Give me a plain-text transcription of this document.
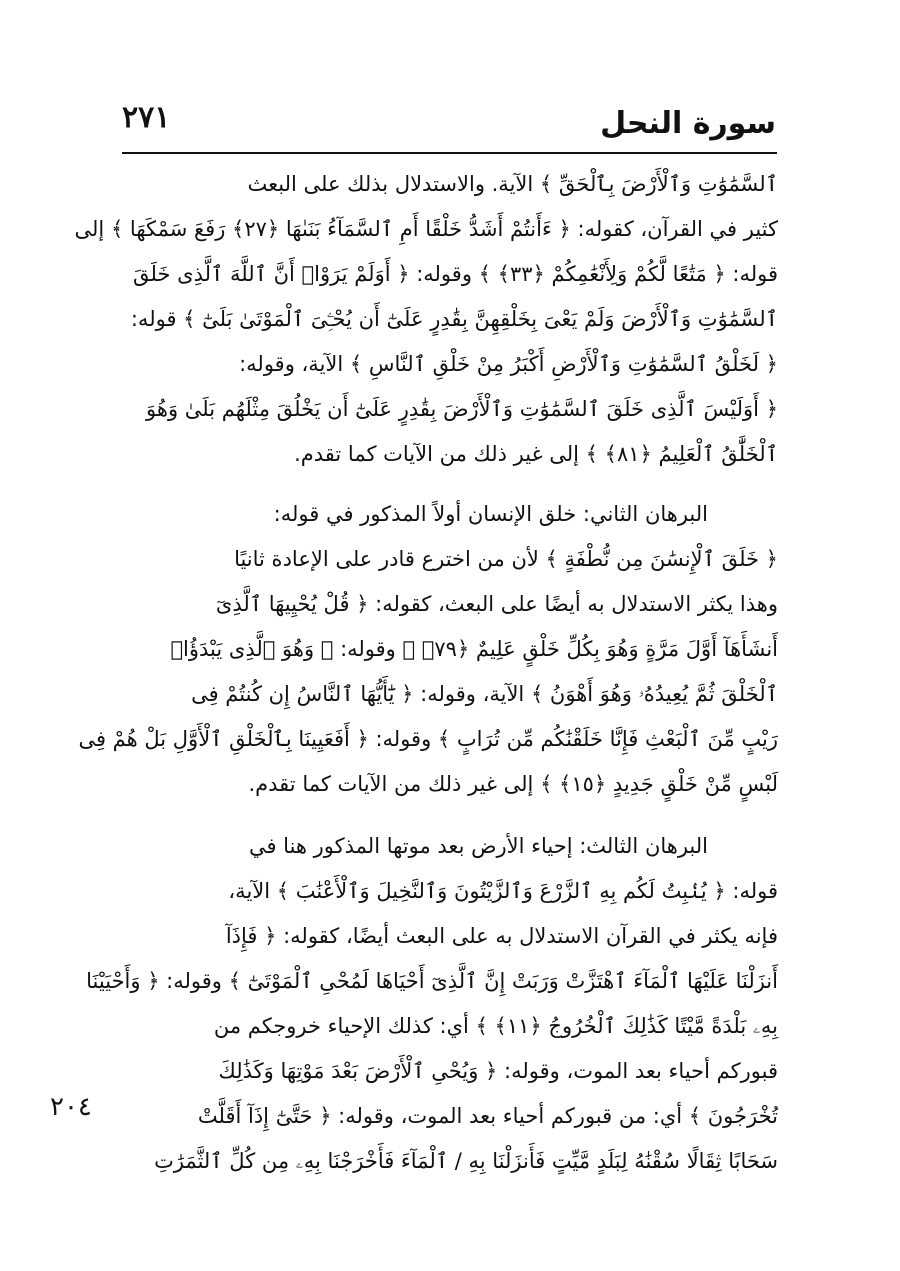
٢٧١	سورة النحل
ٱلسَّمَٰوَٰتِ وَٱلْأَرْضَ بِٱلْحَقِّ ﴾ الآية. والاستدلال بذلك على البعث
كثير في القرآن، كقوله: ﴿ ءَأَنتُمْ أَشَدُّ خَلْقًا أَمِ ٱلسَّمَآءُ بَنَىٰهَا ﴿٢٧﴾ رَفَعَ سَمْكَهَا ﴾ إلى
قوله: ﴿ مَتَٰعًا لَّكُمْ وَلِأَنْعَٰمِكُمْ ﴿٣٣﴾ ﴾ وقوله: ﴿ أَوَلَمْ يَرَوْا۟ أَنَّ ٱللَّهَ ٱلَّذِى خَلَقَ
ٱلسَّمَٰوَٰتِ وَٱلْأَرْضَ وَلَمْ يَعْىَ بِخَلْقِهِنَّ بِقَٰدِرٍ عَلَىٰٓ أَن يُحْـِۧىَ ٱلْمَوْتَىٰ بَلَىٰٓ ﴾ قوله:
﴿ لَخَلْقُ ٱلسَّمَٰوَٰتِ وَٱلْأَرْضِ أَكْبَرُ مِنْ خَلْقِ ٱلنَّاسِ ﴾ الآية، وقوله:
﴿ أَوَلَيْسَ ٱلَّذِى خَلَقَ ٱلسَّمَٰوَٰتِ وَٱلْأَرْضَ بِقَٰدِرٍ عَلَىٰٓ أَن يَخْلُقَ مِثْلَهُم بَلَىٰ وَهُوَ
ٱلْخَلَّٰقُ ٱلْعَلِيمُ ﴿٨١﴾ ﴾ إلى غير ذلك من الآيات كما تقدم.
البرهان الثاني: خلق الإنسان أولاً المذكور في قوله:
﴿ خَلَقَ ٱلْإِنسَٰنَ مِن نُّطْفَةٍ ﴾ لأن من اخترع قادر على الإعادة ثانيًا
وهذا يكثر الاستدلال به أيضًا على البعث، كقوله: ﴿ قُلْ يُحْيِيهَا ٱلَّذِىٓ
أَنشَأَهَآ أَوَّلَ مَرَّةٍ وَهُوَ بِكُلِّ خَلْقٍ عَلِيمٌ ﴿٧٩﴾ ﴾ وقوله: ﴿ وَهُوَ ٱلَّذِى يَبْدَؤُا۟
ٱلْخَلْقَ ثُمَّ يُعِيدُهُۥ وَهُوَ أَهْوَنُ ﴾ الآية، وقوله: ﴿ يَٰٓأَيُّهَا ٱلنَّاسُ إِن كُنتُمْ فِى
رَيْبٍ مِّنَ ٱلْبَعْثِ فَإِنَّا خَلَقْنَٰكُم مِّن تُرَابٍ ﴾ وقوله: ﴿ أَفَعَيِينَا بِٱلْخَلْقِ ٱلْأَوَّلِ بَلْ هُمْ فِى
لَبْسٍ مِّنْ خَلْقٍ جَدِيدٍ ﴿١٥﴾ ﴾ إلى غير ذلك من الآيات كما تقدم.
البرهان الثالث: إحياء الأرض بعد موتها المذكور هنا في
قوله: ﴿ يُنۢبِتُ لَكُم بِهِ ٱلزَّرْعَ وَٱلزَّيْتُونَ وَٱلنَّخِيلَ وَٱلْأَعْنَٰبَ ﴾ الآية،
فإنه يكثر في القرآن الاستدلال به على البعث أيضًا، كقوله: ﴿ فَإِذَآ
أَنزَلْنَا عَلَيْهَا ٱلْمَآءَ ٱهْتَزَّتْ وَرَبَتْ إِنَّ ٱلَّذِىٓ أَحْيَاهَا لَمُحْىِ ٱلْمَوْتَىٰٓ ﴾ وقوله: ﴿ وَأَحْيَيْنَا
بِهِۦ بَلْدَةً مَّيْتًا كَذَٰلِكَ ٱلْخُرُوجُ ﴿١١﴾ ﴾ أي: كذلك الإحياء خروجكم من
قبوركم أحياء بعد الموت، وقوله: ﴿ وَيُحْىِ ٱلْأَرْضَ بَعْدَ مَوْتِهَا وَكَذَٰلِكَ
تُخْرَجُونَ ﴾ أي: من قبوركم أحياء بعد الموت، وقوله: ﴿ حَتَّىٰٓ إِذَآ أَقَلَّتْ
سَحَابًا ثِقَالًا سُقْنَٰهُ لِبَلَدٍ مَّيِّتٍ فَأَنزَلْنَا بِهِ / ٱلْمَآءَ فَأَخْرَجْنَا بِهِۦ مِن كُلِّ ٱلثَّمَرَٰتِ
٢٠٤
